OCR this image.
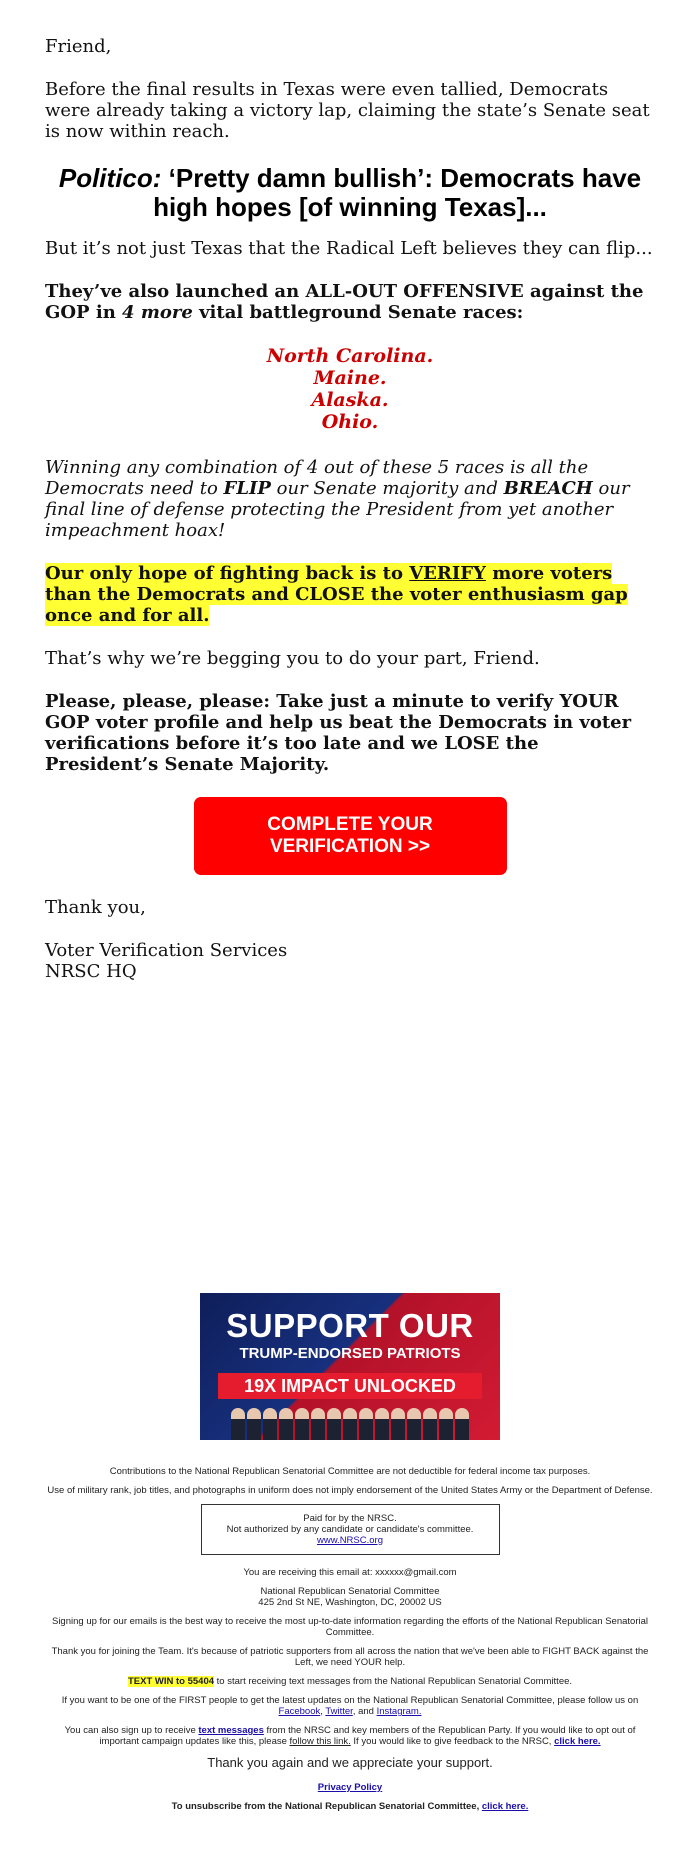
Friend,

Before the final results in Texas were even tallied, Democrats were already taking a victory lap, claiming the state’s Senate seat is now within reach.

Politico: ‘Pretty damn bullish’: Democrats have high hopes [of winning Texas]...

But it’s not just Texas that the Radical Left believes they can flip...

They’ve also launched an ALL-OUT OFFENSIVE against the GOP in 4 more vital battleground Senate races:

North Carolina.
Maine.
Alaska.
Ohio.

Winning any combination of 4 out of these 5 races is all the Democrats need to FLIP our Senate majority and BREACH our final line of defense protecting the President from yet another impeachment hoax!

Our only hope of fighting back is to VERIFY more voters than the Democrats and CLOSE the voter enthusiasm gap once and for all.

That’s why we’re begging you to do your part, Friend.

Please, please, please: Take just a minute to verify YOUR GOP voter profile and help us beat the Democrats in voter verifications before it’s too late and we LOSE the President’s Senate Majority.

COMPLETE YOUR VERIFICATION >>

Thank you,

Voter Verification Services

NRSC HQ

SUPPORT OUR
TRUMP-ENDORSED PATRIOTS
19X IMPACT UNLOCKED

Contributions to the National Republican Senatorial Committee are not deductible for federal income tax purposes.

Use of military rank, job titles, and photographs in uniform does not imply endorsement of the United States Army or the Department of Defense.

Paid for by the NRSC.
Not authorized by any candidate or candidate's committee.
www.NRSC.org

You are receiving this email at: xxxxxx@gmail.com

National Republican Senatorial Committee
425 2nd St NE, Washington, DC, 20002 US

Signing up for our emails is the best way to receive the most up-to-date information regarding the efforts of the National Republican Senatorial Committee.

Thank you for joining the Team. It's because of patriotic supporters from all across the nation that we've been able to FIGHT BACK against the Left, we need YOUR help.

TEXT WIN to 55404 to start receiving text messages from the National Republican Senatorial Committee.

If you want to be one of the FIRST people to get the latest updates on the National Republican Senatorial Committee, please follow us on Facebook, Twitter, and Instagram.

You can also sign up to receive text messages from the NRSC and key members of the Republican Party. If you would like to opt out of important campaign updates like this, please follow this link. If you would like to give feedback to the NRSC, click here.

Thank you again and we appreciate your support.

Privacy Policy

To unsubscribe from the National Republican Senatorial Committee, click here.
